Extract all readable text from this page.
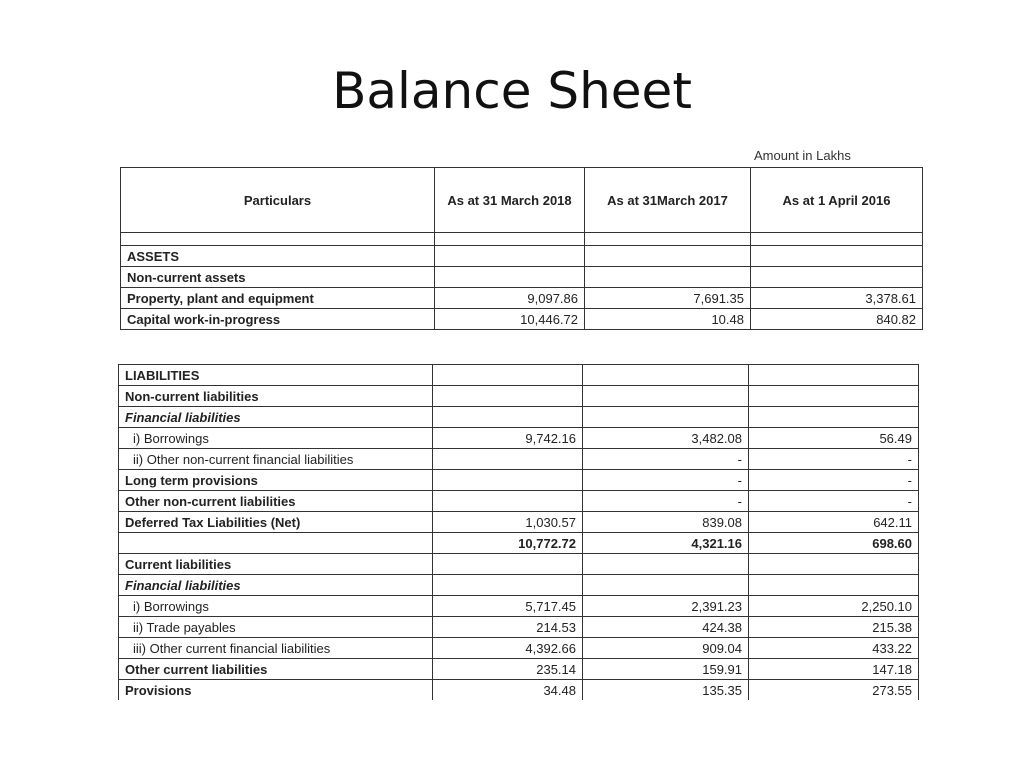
Balance Sheet
Amount in Lakhs
Particulars	As at 31 March 2018	As at 31March 2017	As at 1 April 2016

ASSETS			
Non-current assets			
Property, plant and equipment	9,097.86	7,691.35	3,378.61
Capital work-in-progress	10,446.72	10.48	840.82
LIABILITIES			
Non-current liabilities			
Financial liabilities			
i) Borrowings	9,742.16	3,482.08	56.49
ii) Other non-current financial liabilities		-	-
Long term provisions		-	-
Other non-current liabilities		-	-
Deferred Tax Liabilities (Net)	1,030.57	839.08	642.11
	10,772.72	4,321.16	698.60
Current liabilities			
Financial liabilities			
i) Borrowings	5,717.45	2,391.23	2,250.10
ii) Trade payables	214.53	424.38	215.38
iii) Other current financial liabilities	4,392.66	909.04	433.22
Other current liabilities	235.14	159.91	147.18
Provisions	34.48	135.35	273.55
